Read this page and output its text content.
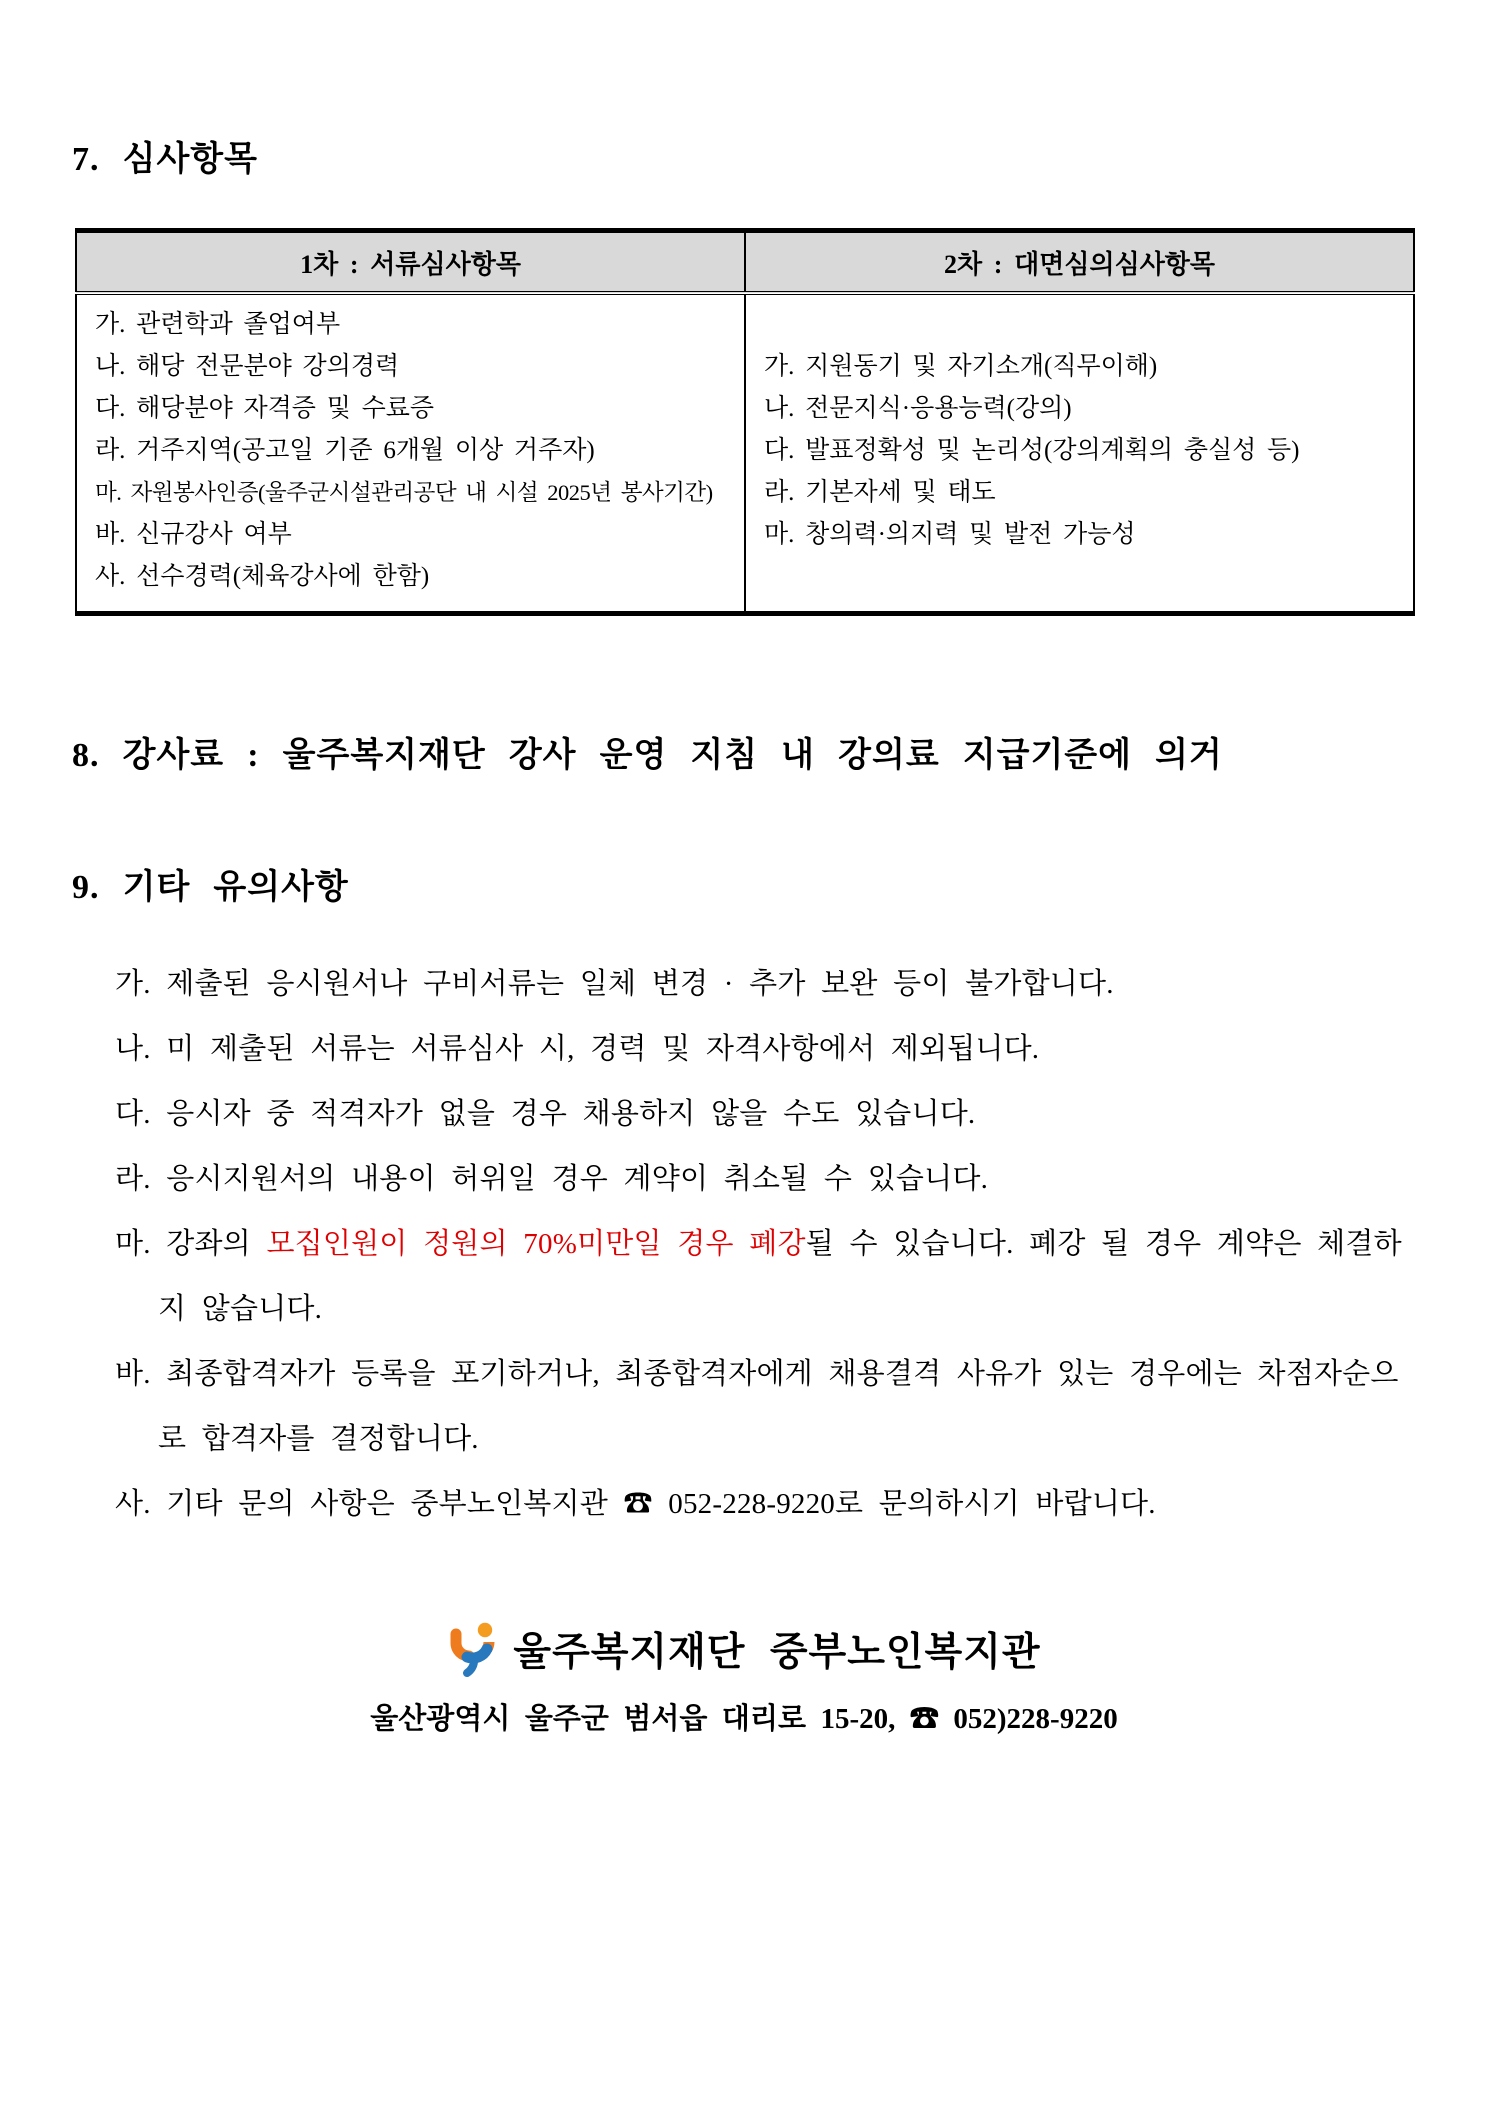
7. 심사항목
1차 : 서류심사항목	2차 : 대면심의심사항목

가. 관련학과 졸업여부
나. 해당 전문분야 강의경력
다. 해당분야 자격증 및 수료증
라. 거주지역(공고일 기준 6개월 이상 거주자)
마. 자원봉사인증(울주군시설관리공단 내 시설 2025년 봉사기간)
바. 신규강사 여부
사. 선수경력(체육강사에 한함)

가. 지원동기 및 자기소개(직무이해)
나. 전문지식·응용능력(강의)
다. 발표정확성 및 논리성(강의계획의 충실성 등)
라. 기본자세 및 태도
마. 창의력·의지력 및 발전 가능성
8. 강사료 : 울주복지재단 강사 운영 지침 내 강의료 지급기준에 의거
9. 기타 유의사항
가. 제출된 응시원서나 구비서류는 일체 변경 · 추가 보완 등이 불가합니다.
나. 미 제출된 서류는 서류심사 시, 경력 및 자격사항에서 제외됩니다.
다. 응시자 중 적격자가 없을 경우 채용하지 않을 수도 있습니다.
라. 응시지원서의 내용이 허위일 경우 계약이 취소될 수 있습니다.
마. 강좌의 모집인원이 정원의 70%미만일 경우 폐강될 수 있습니다. 폐강 될 경우 계약은 체결하지 않습니다.
바. 최종합격자가 등록을 포기하거나, 최종합격자에게 채용결격 사유가 있는 경우에는 차점자순으로 합격자를 결정합니다.
사. 기타 문의 사항은 중부노인복지관 ☎ 052-228-9220로 문의하시기 바랍니다.
울주복지재단 중부노인복지관
울산광역시 울주군 범서읍 대리로 15-20, ☎ 052)228-9220
